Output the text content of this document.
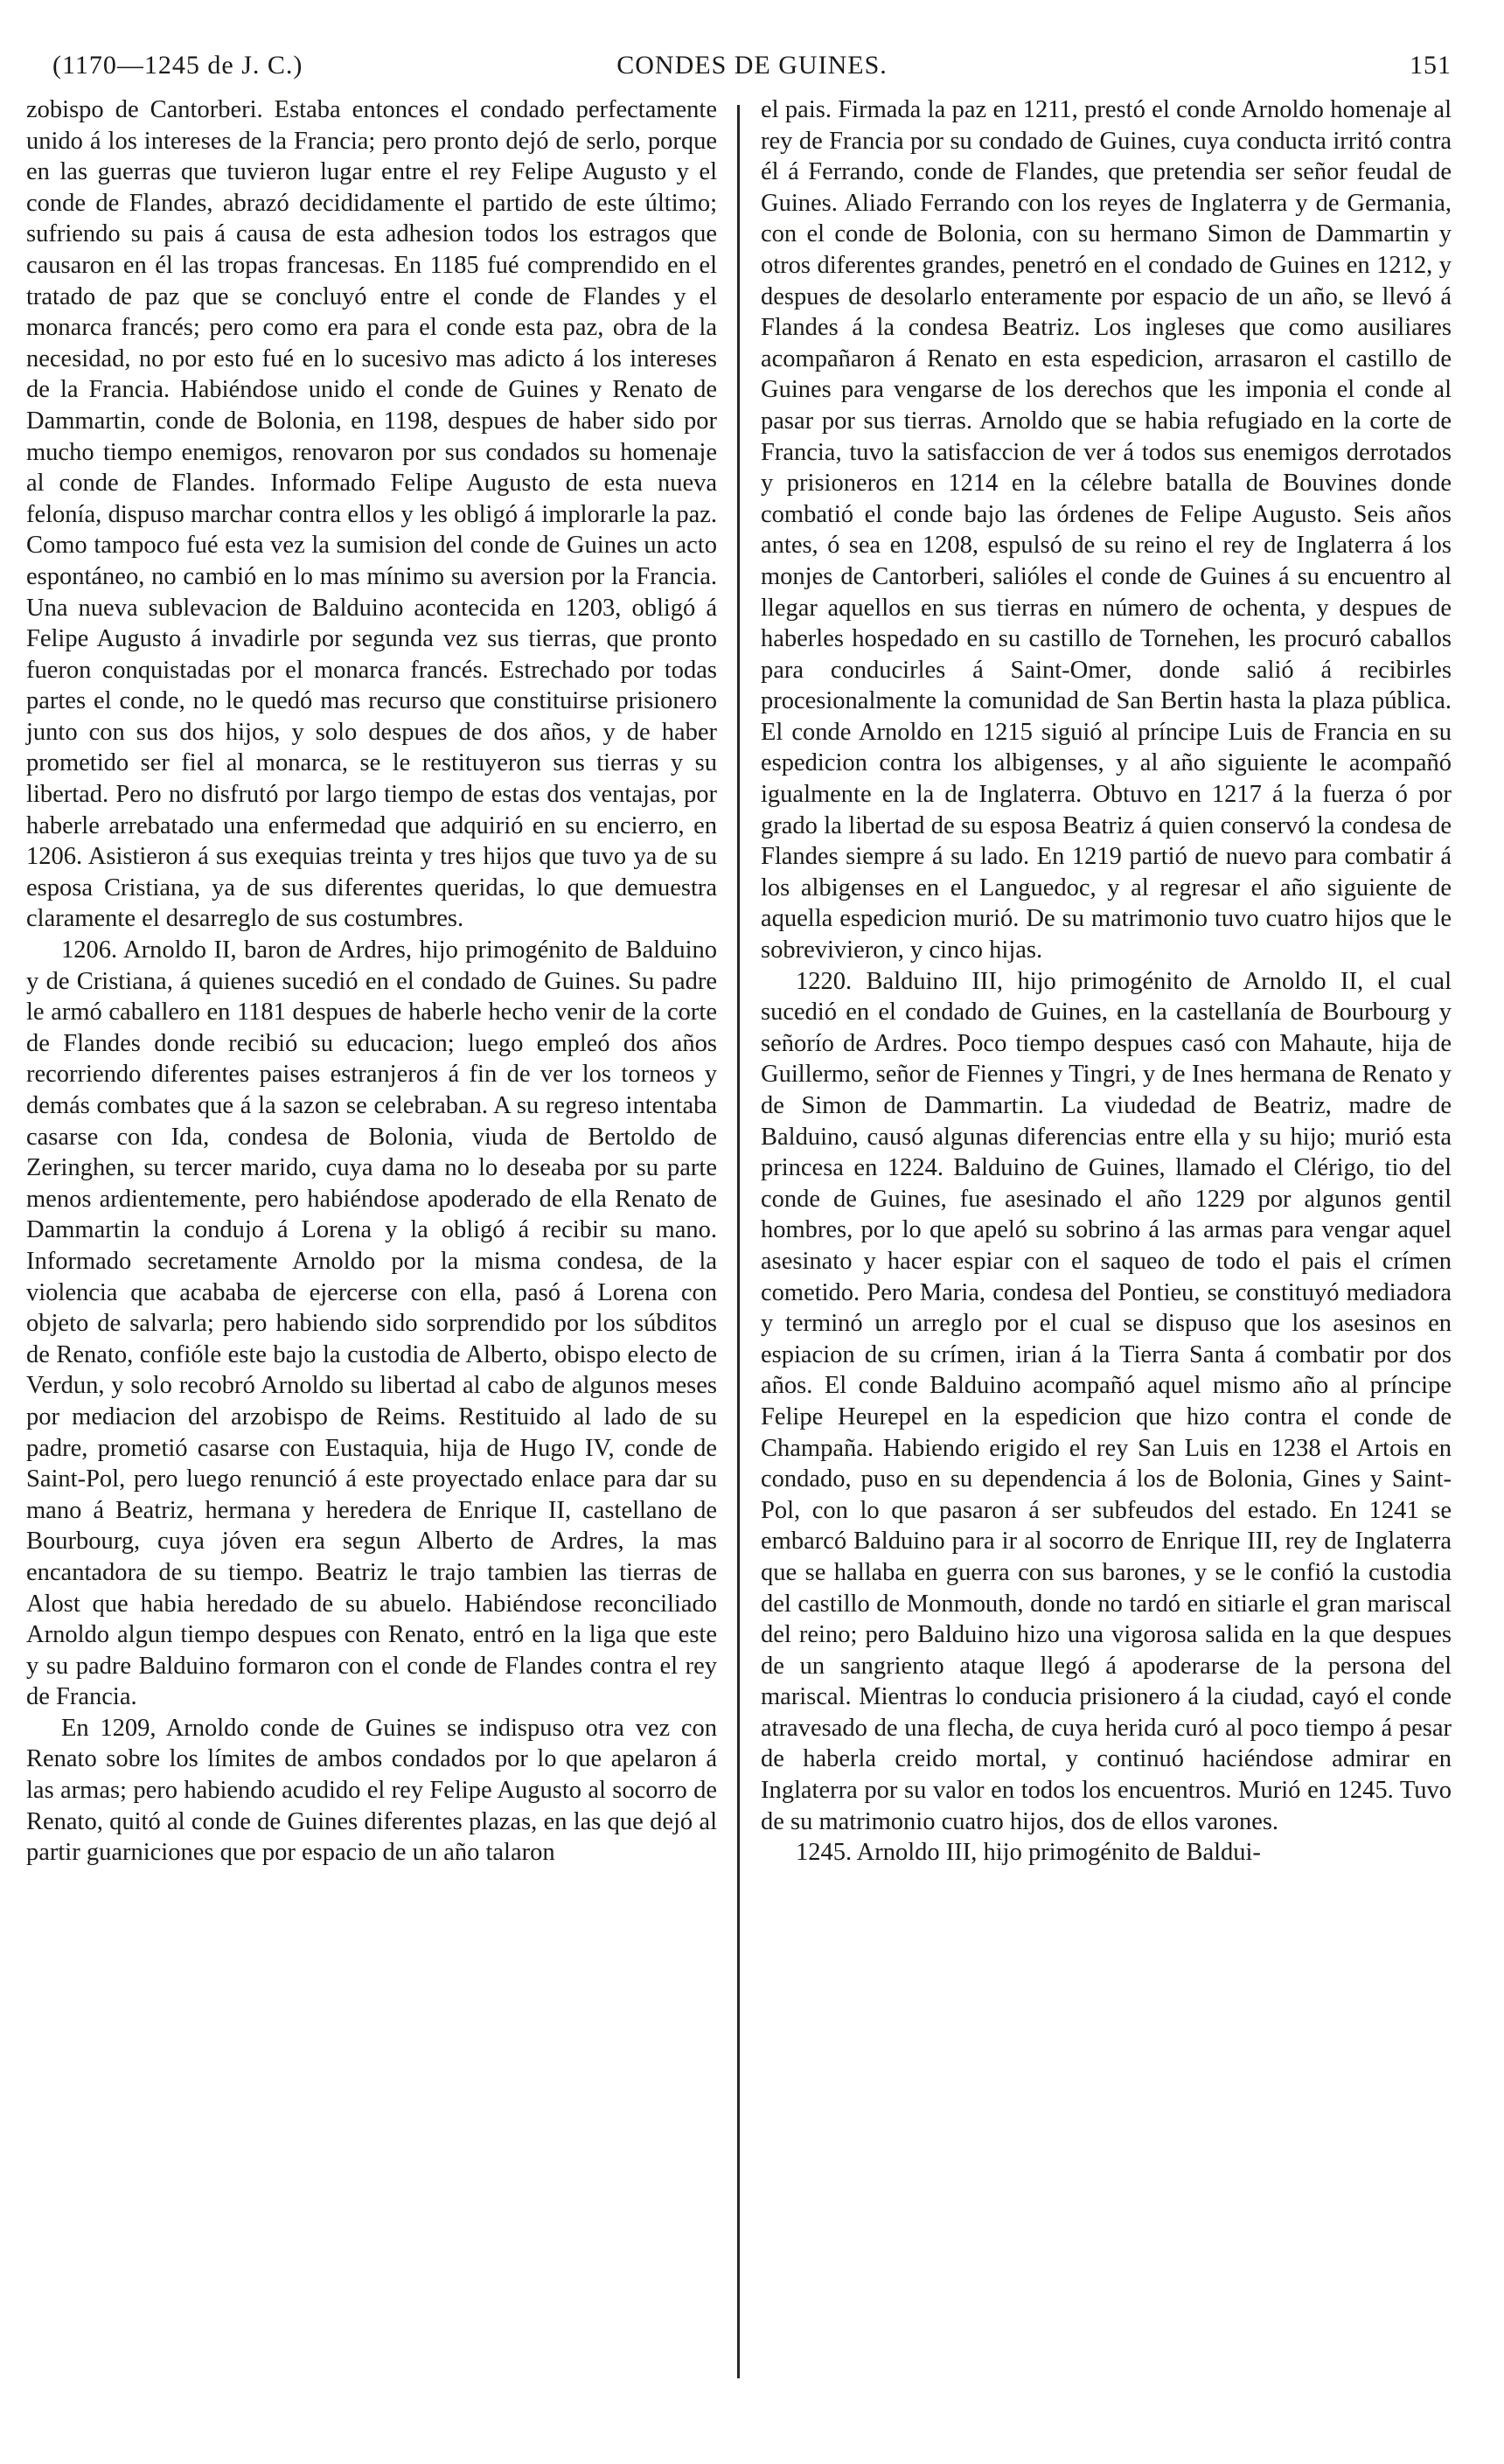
(1170—1245 de J. C.)	CONDES DE GUINES.	151

zobispo de Cantorberi. Estaba entonces el condado perfectamente unido á los intereses de la Francia; pero pronto dejó de serlo, porque en las guerras que tuvieron lugar entre el rey Felipe Augusto y el conde de Flandes, abrazó decididamente el partido de este último; sufriendo su pais á causa de esta adhesion todos los estragos que causaron en él las tropas francesas. En 1185 fué comprendido en el tratado de paz que se concluyó entre el conde de Flandes y el monarca francés; pero como era para el conde esta paz, obra de la necesidad, no por esto fué en lo sucesivo mas adicto á los intereses de la Francia. Habiéndose unido el conde de Guines y Renato de Dammartin, conde de Bolonia, en 1198, despues de haber sido por mucho tiempo enemigos, renovaron por sus condados su homenaje al conde de Flandes. Informado Felipe Augusto de esta nueva felonía, dispuso marchar contra ellos y les obligó á implorarle la paz. Como tampoco fué esta vez la sumision del conde de Guines un acto espontáneo, no cambió en lo mas mínimo su aversion por la Francia. Una nueva sublevacion de Balduino acontecida en 1203, obligó á Felipe Augusto á invadirle por segunda vez sus tierras, que pronto fueron conquistadas por el monarca francés. Estrechado por todas partes el conde, no le quedó mas recurso que constituirse prisionero junto con sus dos hijos, y solo despues de dos años, y de haber prometido ser fiel al monarca, se le restituyeron sus tierras y su libertad. Pero no disfrutó por largo tiempo de estas dos ventajas, por haberle arrebatado una enfermedad que adquirió en su encierro, en 1206. Asistieron á sus exequias treinta y tres hijos que tuvo ya de su esposa Cristiana, ya de sus diferentes queridas, lo que demuestra claramente el desarreglo de sus costumbres.

1206. Arnoldo II, baron de Ardres, hijo primogénito de Balduino y de Cristiana, á quienes sucedió en el condado de Guines. Su padre le armó caballero en 1181 despues de haberle hecho venir de la corte de Flandes donde recibió su educacion; luego empleó dos años recorriendo diferentes paises estranjeros á fin de ver los torneos y demás combates que á la sazon se celebraban. A su regreso intentaba casarse con Ida, condesa de Bolonia, viuda de Bertoldo de Zeringhen, su tercer marido, cuya dama no lo deseaba por su parte menos ardientemente, pero habiéndose apoderado de ella Renato de Dammartin la condujo á Lorena y la obligó á recibir su mano. Informado secretamente Arnoldo por la misma condesa, de la violencia que acababa de ejercerse con ella, pasó á Lorena con objeto de salvarla; pero habiendo sido sorprendido por los súbditos de Renato, confióle este bajo la custodia de Alberto, obispo electo de Verdun, y solo recobró Arnoldo su libertad al cabo de algunos meses por mediacion del arzobispo de Reims. Restituido al lado de su padre, prometió casarse con Eustaquia, hija de Hugo IV, conde de Saint-Pol, pero luego renunció á este proyectado enlace para dar su mano á Beatriz, hermana y heredera de Enrique II, castellano de Bourbourg, cuya jóven era segun Alberto de Ardres, la mas encantadora de su tiempo. Beatriz le trajo tambien las tierras de Alost que habia heredado de su abuelo. Habiéndose reconciliado Arnoldo algun tiempo despues con Renato, entró en la liga que este y su padre Balduino formaron con el conde de Flandes contra el rey de Francia.

En 1209, Arnoldo conde de Guines se indispuso otra vez con Renato sobre los límites de ambos condados por lo que apelaron á las armas; pero habiendo acudido el rey Felipe Augusto al socorro de Renato, quitó al conde de Guines diferentes plazas, en las que dejó al partir guarniciones que por espacio de un año talaron

el pais. Firmada la paz en 1211, prestó el conde Arnoldo homenaje al rey de Francia por su condado de Guines, cuya conducta irritó contra él á Ferrando, conde de Flandes, que pretendia ser señor feudal de Guines. Aliado Ferrando con los reyes de Inglaterra y de Germania, con el conde de Bolonia, con su hermano Simon de Dammartin y otros diferentes grandes, penetró en el condado de Guines en 1212, y despues de desolarlo enteramente por espacio de un año, se llevó á Flandes á la condesa Beatriz. Los ingleses que como ausiliares acompañaron á Renato en esta espedicion, arrasaron el castillo de Guines para vengarse de los derechos que les imponia el conde al pasar por sus tierras. Arnoldo que se habia refugiado en la corte de Francia, tuvo la satisfaccion de ver á todos sus enemigos derrotados y prisioneros en 1214 en la célebre batalla de Bouvines donde combatió el conde bajo las órdenes de Felipe Augusto. Seis años antes, ó sea en 1208, espulsó de su reino el rey de Inglaterra á los monjes de Cantorberi, salióles el conde de Guines á su encuentro al llegar aquellos en sus tierras en número de ochenta, y despues de haberles hospedado en su castillo de Tornehen, les procuró caballos para conducirles á Saint-Omer, donde salió á recibirles procesionalmente la comunidad de San Bertin hasta la plaza pública. El conde Arnoldo en 1215 siguió al príncipe Luis de Francia en su espedicion contra los albigenses, y al año siguiente le acompañó igualmente en la de Inglaterra. Obtuvo en 1217 á la fuerza ó por grado la libertad de su esposa Beatriz á quien conservó la condesa de Flandes siempre á su lado. En 1219 partió de nuevo para combatir á los albigenses en el Languedoc, y al regresar el año siguiente de aquella espedicion murió. De su matrimonio tuvo cuatro hijos que le sobrevivieron, y cinco hijas.

1220. Balduino III, hijo primogénito de Arnoldo II, el cual sucedió en el condado de Guines, en la castellanía de Bourbourg y señorío de Ardres. Poco tiempo despues casó con Mahaute, hija de Guillermo, señor de Fiennes y Tingri, y de Ines hermana de Renato y de Simon de Dammartin. La viudedad de Beatriz, madre de Balduino, causó algunas diferencias entre ella y su hijo; murió esta princesa en 1224. Balduino de Guines, llamado el Clérigo, tio del conde de Guines, fue asesinado el año 1229 por algunos gentil hombres, por lo que apeló su sobrino á las armas para vengar aquel asesinato y hacer espiar con el saqueo de todo el pais el crímen cometido. Pero Maria, condesa del Pontieu, se constituyó mediadora y terminó un arreglo por el cual se dispuso que los asesinos en espiacion de su crímen, irian á la Tierra Santa á combatir por dos años. El conde Balduino acompañó aquel mismo año al príncipe Felipe Heurepel en la espedicion que hizo contra el conde de Champaña. Habiendo erigido el rey San Luis en 1238 el Artois en condado, puso en su dependencia á los de Bolonia, Gines y Saint-Pol, con lo que pasaron á ser subfeudos del estado. En 1241 se embarcó Balduino para ir al socorro de Enrique III, rey de Inglaterra que se hallaba en guerra con sus barones, y se le confió la custodia del castillo de Monmouth, donde no tardó en sitiarle el gran mariscal del reino; pero Balduino hizo una vigorosa salida en la que despues de un sangriento ataque llegó á apoderarse de la persona del mariscal. Mientras lo conducia prisionero á la ciudad, cayó el conde atravesado de una flecha, de cuya herida curó al poco tiempo á pesar de haberla creido mortal, y continuó haciéndose admirar en Inglaterra por su valor en todos los encuentros. Murió en 1245. Tuvo de su matrimonio cuatro hijos, dos de ellos varones.

1245. Arnoldo III, hijo primogénito de Baldui-
